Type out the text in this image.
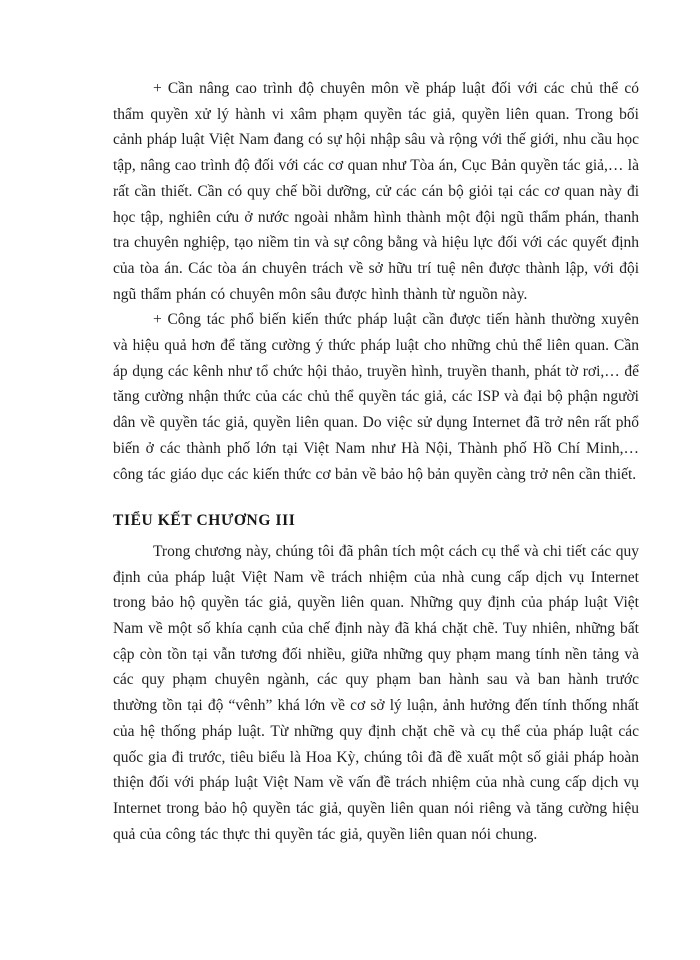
+ Cần nâng cao trình độ chuyên môn về pháp luật đối với các chủ thể có thẩm quyền xử lý hành vi xâm phạm quyền tác giả, quyền liên quan. Trong bối cảnh pháp luật Việt Nam đang có sự hội nhập sâu và rộng với thế giới, nhu cầu học tập, nâng cao trình độ đối với các cơ quan như Tòa án, Cục Bản quyền tác giả,… là rất cần thiết. Cần có quy chế bồi dưỡng, cử các cán bộ giỏi tại các cơ quan này đi học tập, nghiên cứu ở nước ngoài nhằm hình thành một đội ngũ thẩm phán, thanh tra chuyên nghiệp, tạo niềm tin và sự công bằng và hiệu lực đối với các quyết định của tòa án. Các tòa án chuyên trách về sở hữu trí tuệ nên được thành lập, với đội ngũ thẩm phán có chuyên môn sâu được hình thành từ nguồn này.

+ Công tác phổ biến kiến thức pháp luật cần được tiến hành thường xuyên và hiệu quả hơn để tăng cường ý thức pháp luật cho những chủ thể liên quan. Cần áp dụng các kênh như tổ chức hội thảo, truyền hình, truyền thanh, phát tờ rơi,… để tăng cường nhận thức của các chủ thể quyền tác giả, các ISP và đại bộ phận người dân về quyền tác giả, quyền liên quan. Do việc sử dụng Internet đã trở nên rất phổ biến ở các thành phố lớn tại Việt Nam như Hà Nội, Thành phố Hồ Chí Minh,… công tác giáo dục các kiến thức cơ bản về bảo hộ bản quyền càng trở nên cần thiết.

TIỂU KẾT CHƯƠNG III

Trong chương này, chúng tôi đã phân tích một cách cụ thể và chi tiết các quy định của pháp luật Việt Nam về trách nhiệm của nhà cung cấp dịch vụ Internet trong bảo hộ quyền tác giả, quyền liên quan. Những quy định của pháp luật Việt Nam về một số khía cạnh của chế định này đã khá chặt chẽ. Tuy nhiên, những bất cập còn tồn tại vẫn tương đối nhiều, giữa những quy phạm mang tính nền tảng và các quy phạm chuyên ngành, các quy phạm ban hành sau và ban hành trước thường tồn tại độ “vênh” khá lớn về cơ sở lý luận, ảnh hưởng đến tính thống nhất của hệ thống pháp luật. Từ những quy định chặt chẽ và cụ thể của pháp luật các quốc gia đi trước, tiêu biểu là Hoa Kỳ, chúng tôi đã đề xuất một số giải pháp hoàn thiện đối với pháp luật Việt Nam về vấn đề trách nhiệm của nhà cung cấp dịch vụ Internet trong bảo hộ quyền tác giả, quyền liên quan nói riêng và tăng cường hiệu quả của công tác thực thi quyền tác giả, quyền liên quan nói chung.
